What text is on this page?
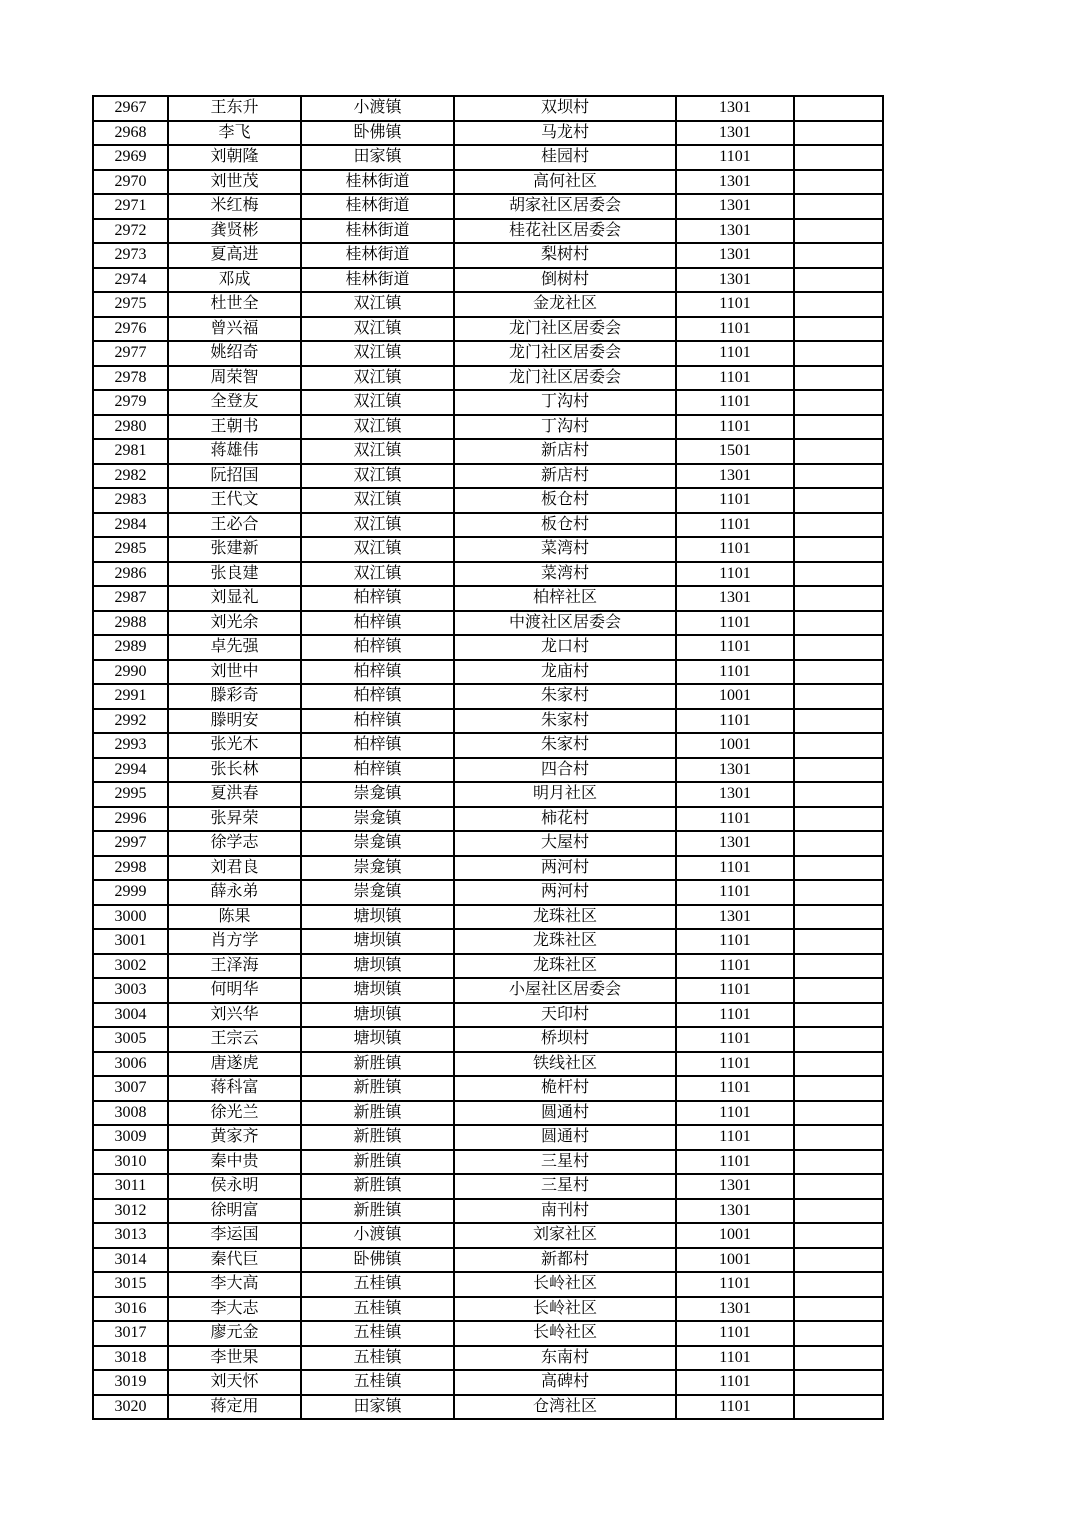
2967	王东升	小渡镇	双坝村	1301	
2968	李飞	卧佛镇	马龙村	1301	
2969	刘朝隆	田家镇	桂园村	1101	
2970	刘世茂	桂林街道	高何社区	1301	
2971	米红梅	桂林街道	胡家社区居委会	1301	
2972	龚贤彬	桂林街道	桂花社区居委会	1301	
2973	夏高进	桂林街道	梨树村	1301	
2974	邓成	桂林街道	倒树村	1301	
2975	杜世全	双江镇	金龙社区	1101	
2976	曾兴福	双江镇	龙门社区居委会	1101	
2977	姚绍奇	双江镇	龙门社区居委会	1101	
2978	周荣智	双江镇	龙门社区居委会	1101	
2979	全登友	双江镇	丁沟村	1101	
2980	王朝书	双江镇	丁沟村	1101	
2981	蒋雄伟	双江镇	新店村	1501	
2982	阮招国	双江镇	新店村	1301	
2983	王代文	双江镇	板仓村	1101	
2984	王必合	双江镇	板仓村	1101	
2985	张建新	双江镇	菜湾村	1101	
2986	张良建	双江镇	菜湾村	1101	
2987	刘显礼	柏梓镇	柏梓社区	1301	
2988	刘光余	柏梓镇	中渡社区居委会	1101	
2989	卓先强	柏梓镇	龙口村	1101	
2990	刘世中	柏梓镇	龙庙村	1101	
2991	滕彩奇	柏梓镇	朱家村	1001	
2992	滕明安	柏梓镇	朱家村	1101	
2993	张光木	柏梓镇	朱家村	1001	
2994	张长林	柏梓镇	四合村	1301	
2995	夏洪春	崇龛镇	明月社区	1301	
2996	张昇荣	崇龛镇	柿花村	1101	
2997	徐学志	崇龛镇	大屋村	1301	
2998	刘君良	崇龛镇	两河村	1101	
2999	薛永弟	崇龛镇	两河村	1101	
3000	陈果	塘坝镇	龙珠社区	1301	
3001	肖方学	塘坝镇	龙珠社区	1101	
3002	王泽海	塘坝镇	龙珠社区	1101	
3003	何明华	塘坝镇	小屋社区居委会	1101	
3004	刘兴华	塘坝镇	天印村	1101	
3005	王宗云	塘坝镇	桥坝村	1101	
3006	唐遂虎	新胜镇	铁线社区	1101	
3007	蒋科富	新胜镇	桅杆村	1101	
3008	徐光兰	新胜镇	圆通村	1101	
3009	黄家齐	新胜镇	圆通村	1101	
3010	秦中贵	新胜镇	三星村	1101	
3011	侯永明	新胜镇	三星村	1301	
3012	徐明富	新胜镇	南刊村	1301	
3013	李运国	小渡镇	刘家社区	1001	
3014	秦代巨	卧佛镇	新都村	1001	
3015	李大高	五桂镇	长岭社区	1101	
3016	李大志	五桂镇	长岭社区	1301	
3017	廖元金	五桂镇	长岭社区	1101	
3018	李世果	五桂镇	东南村	1101	
3019	刘天怀	五桂镇	高碑村	1101	
3020	蒋定用	田家镇	仓湾社区	1101	
